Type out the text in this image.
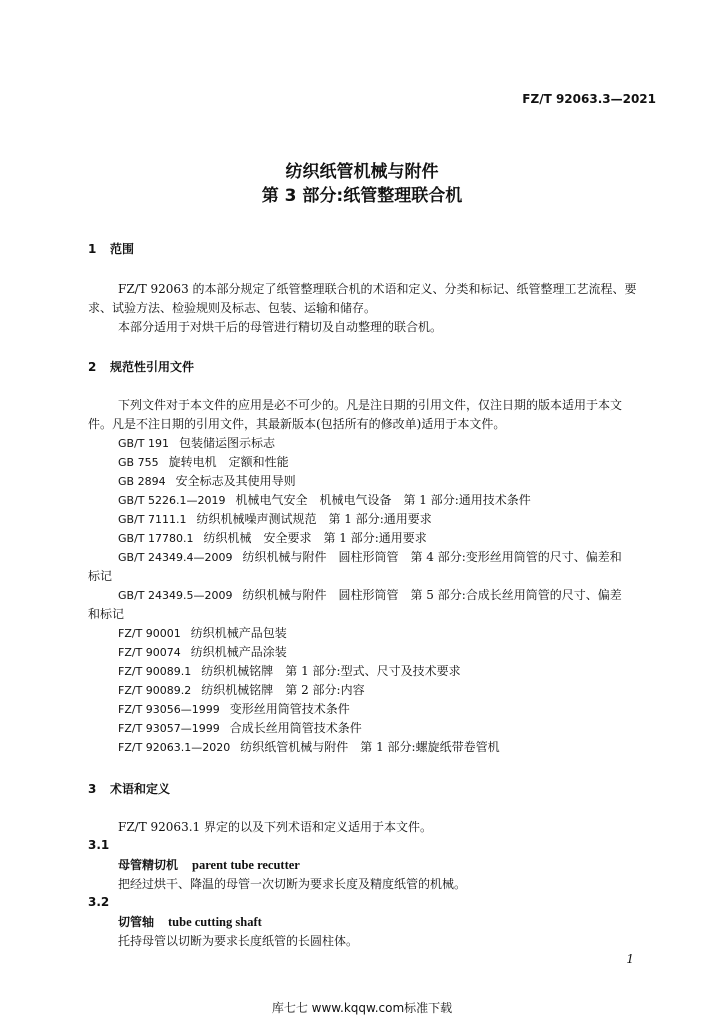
FZ/T 92063.3—2021
纺织纸管机械与附件
第 3 部分:纸管整理联合机
1 范围
FZ/T 92063 的本部分规定了纸管整理联合机的术语和定义、分类和标记、纸管整理工艺流程、要
求、试验方法、检验规则及标志、包装、运输和储存。
本部分适用于对烘干后的母管进行精切及自动整理的联合机。
2 规范性引用文件
下列文件对于本文件的应用是必不可少的。凡是注日期的引用文件，仅注日期的版本适用于本文
件。凡是不注日期的引用文件，其最新版本(包括所有的修改单)适用于本文件。
GB/T 191 包装储运图示标志
GB 755 旋转电机　定额和性能
GB 2894 安全标志及其使用导则
GB/T 5226.1—2019 机械电气安全　机械电气设备　第 1 部分:通用技术条件
GB/T 7111.1 纺织机械噪声测试规范　第 1 部分:通用要求
GB/T 17780.1 纺织机械　安全要求　第 1 部分:通用要求
GB/T 24349.4—2009 纺织机械与附件　圆柱形筒管　第 4 部分:变形丝用筒管的尺寸、偏差和
标记
GB/T 24349.5—2009 纺织机械与附件　圆柱形筒管　第 5 部分:合成长丝用筒管的尺寸、偏差
和标记
FZ/T 90001 纺织机械产品包装
FZ/T 90074 纺织机械产品涂装
FZ/T 90089.1 纺织机械铭牌　第 1 部分:型式、尺寸及技术要求
FZ/T 90089.2 纺织机械铭牌　第 2 部分:内容
FZ/T 93056—1999 变形丝用筒管技术条件
FZ/T 93057—1999 合成长丝用筒管技术条件
FZ/T 92063.1—2020 纺织纸管机械与附件　第 1 部分:螺旋纸带卷管机
3 术语和定义
FZ/T 92063.1 界定的以及下列术语和定义适用于本文件。
3.1
母管精切机 parent tube recutter
把经过烘干、降温的母管一次切断为要求长度及精度纸管的机械。
3.2
切管轴 tube cutting shaft
托持母管以切断为要求长度纸管的长圆柱体。
1
库七七 www.kqqw.com标准下载
